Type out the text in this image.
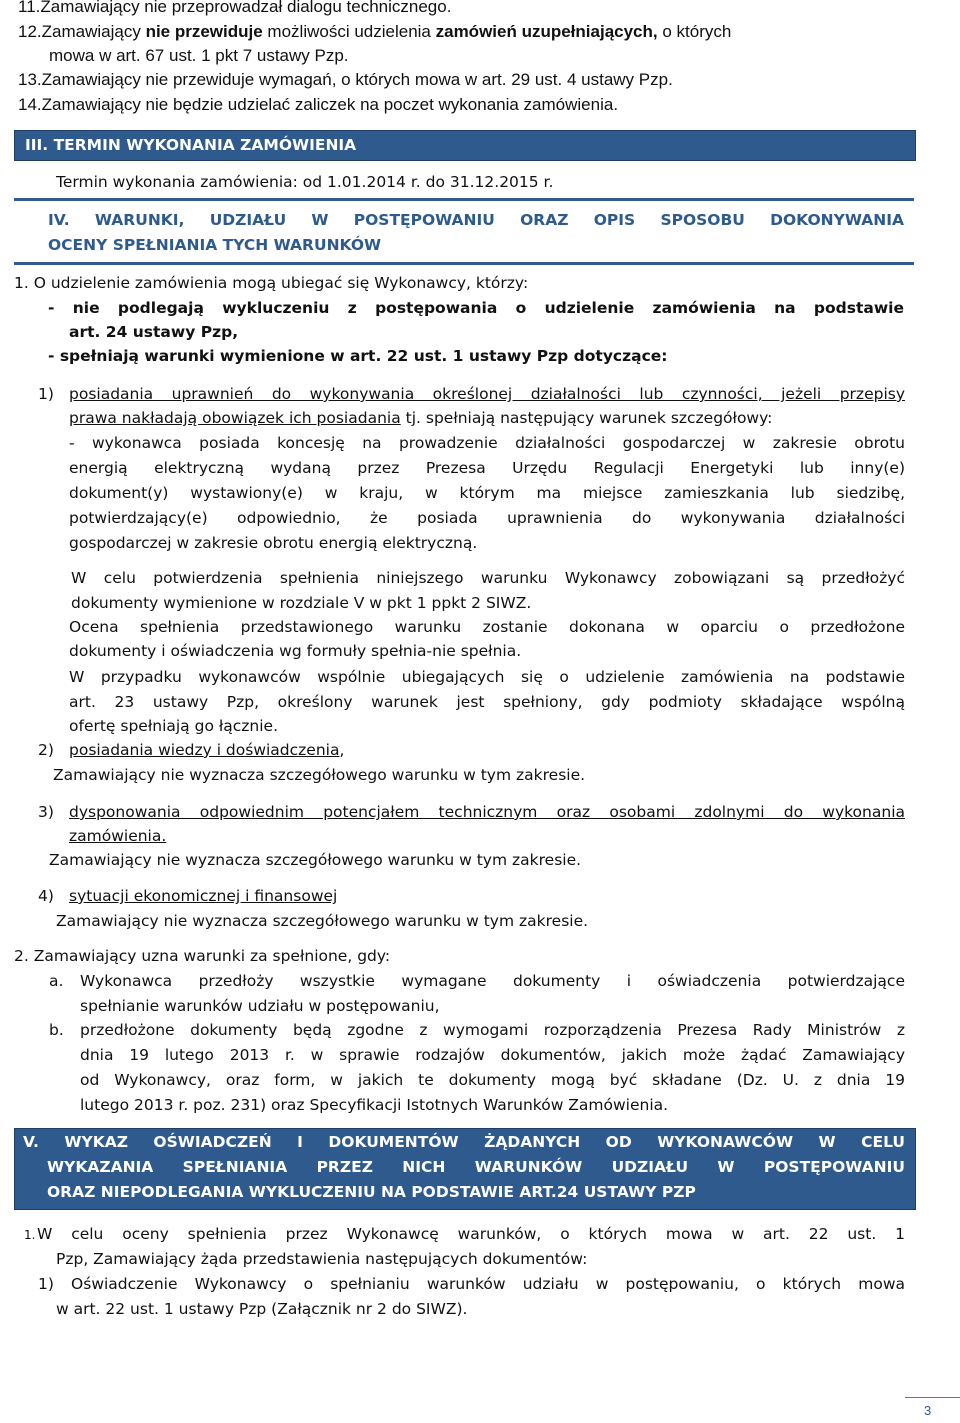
11.Zamawiający nie przeprowadzał dialogu technicznego.
12.Zamawiający nie przewiduje możliwości udzielenia zamówień uzupełniających, o których
mowa w art. 67 ust. 1 pkt 7 ustawy Pzp.
13.Zamawiający nie przewiduje wymagań, o których mowa w art. 29 ust. 4 ustawy Pzp.
14.Zamawiający nie będzie udzielać zaliczek na poczet wykonania zamówienia.
III. TERMIN WYKONANIA ZAMÓWIENIA
Termin wykonania zamówienia: od 1.01.2014 r. do 31.12.2015 r.
IV. WARUNKI, UDZIAŁU W POSTĘPOWANIU ORAZ OPIS SPOSOBU DOKONYWANIA
OCENY SPEŁNIANIA TYCH WARUNKÓW
1. O udzielenie zamówienia mogą ubiegać się Wykonawcy, którzy:
- nie podlegają wykluczeniu z postępowania o udzielenie zamówienia na podstawie
art. 24 ustawy Pzp,
- spełniają warunki wymienione w art. 22 ust. 1 ustawy Pzp dotyczące:
1) posiadania uprawnień do wykonywania określonej działalności lub czynności, jeżeli przepisy
prawa nakładają obowiązek ich posiadania tj. spełniają następujący warunek szczegółowy:
- wykonawca posiada koncesję na prowadzenie działalności gospodarczej w zakresie obrotu
energią elektryczną wydaną przez Prezesa Urzędu Regulacji Energetyki lub inny(e)
dokument(y) wystawiony(e) w kraju, w którym ma miejsce zamieszkania lub siedzibę,
potwierdzający(e) odpowiednio, że posiada uprawnienia do wykonywania działalności
gospodarczej w zakresie obrotu energią elektryczną.
W celu potwierdzenia spełnienia niniejszego warunku Wykonawcy zobowiązani są przedłożyć
dokumenty wymienione w rozdziale V w pkt 1 ppkt 2 SIWZ.
Ocena spełnienia przedstawionego warunku zostanie dokonana w oparciu o przedłożone
dokumenty i oświadczenia wg formuły spełnia-nie spełnia.
W przypadku wykonawców wspólnie ubiegających się o udzielenie zamówienia na podstawie
art. 23 ustawy Pzp, określony warunek jest spełniony, gdy podmioty składające wspólną
ofertę spełniają go łącznie.
2) posiadania wiedzy i doświadczenia,
Zamawiający nie wyznacza szczegółowego warunku w tym zakresie.
3) dysponowania odpowiednim potencjałem technicznym oraz osobami zdolnymi do wykonania
zamówienia.
Zamawiający nie wyznacza szczegółowego warunku w tym zakresie.
4) sytuacji ekonomicznej i finansowej
Zamawiający nie wyznacza szczegółowego warunku w tym zakresie.
2. Zamawiający uzna warunki za spełnione, gdy:
a. Wykonawca przedłoży wszystkie wymagane dokumenty i oświadczenia potwierdzające
spełnianie warunków udziału w postępowaniu,
b. przedłożone dokumenty będą zgodne z wymogami rozporządzenia Prezesa Rady Ministrów z
dnia 19 lutego 2013 r. w sprawie rodzajów dokumentów, jakich może żądać Zamawiający
od Wykonawcy, oraz form, w jakich te dokumenty mogą być składane (Dz. U. z dnia 19
lutego 2013 r. poz. 231) oraz Specyfikacji Istotnych Warunków Zamówienia.
V. WYKAZ OŚWIADCZEŃ I DOKUMENTÓW ŻĄDANYCH OD WYKONAWCÓW W CELU
WYKAZANIA SPEŁNIANIA PRZEZ NICH WARUNKÓW UDZIAŁU W POSTĘPOWANIU
ORAZ NIEPODLEGANIA WYKLUCZENIU NA PODSTAWIE ART.24 USTAWY PZP
1. W celu oceny spełnienia przez Wykonawcę warunków, o których mowa w art. 22 ust. 1
Pzp, Zamawiający żąda przedstawienia następujących dokumentów:
1) Oświadczenie Wykonawcy o spełnianiu warunków udziału w postępowaniu, o których mowa
w art. 22 ust. 1 ustawy Pzp (Załącznik nr 2 do SIWZ).
3
